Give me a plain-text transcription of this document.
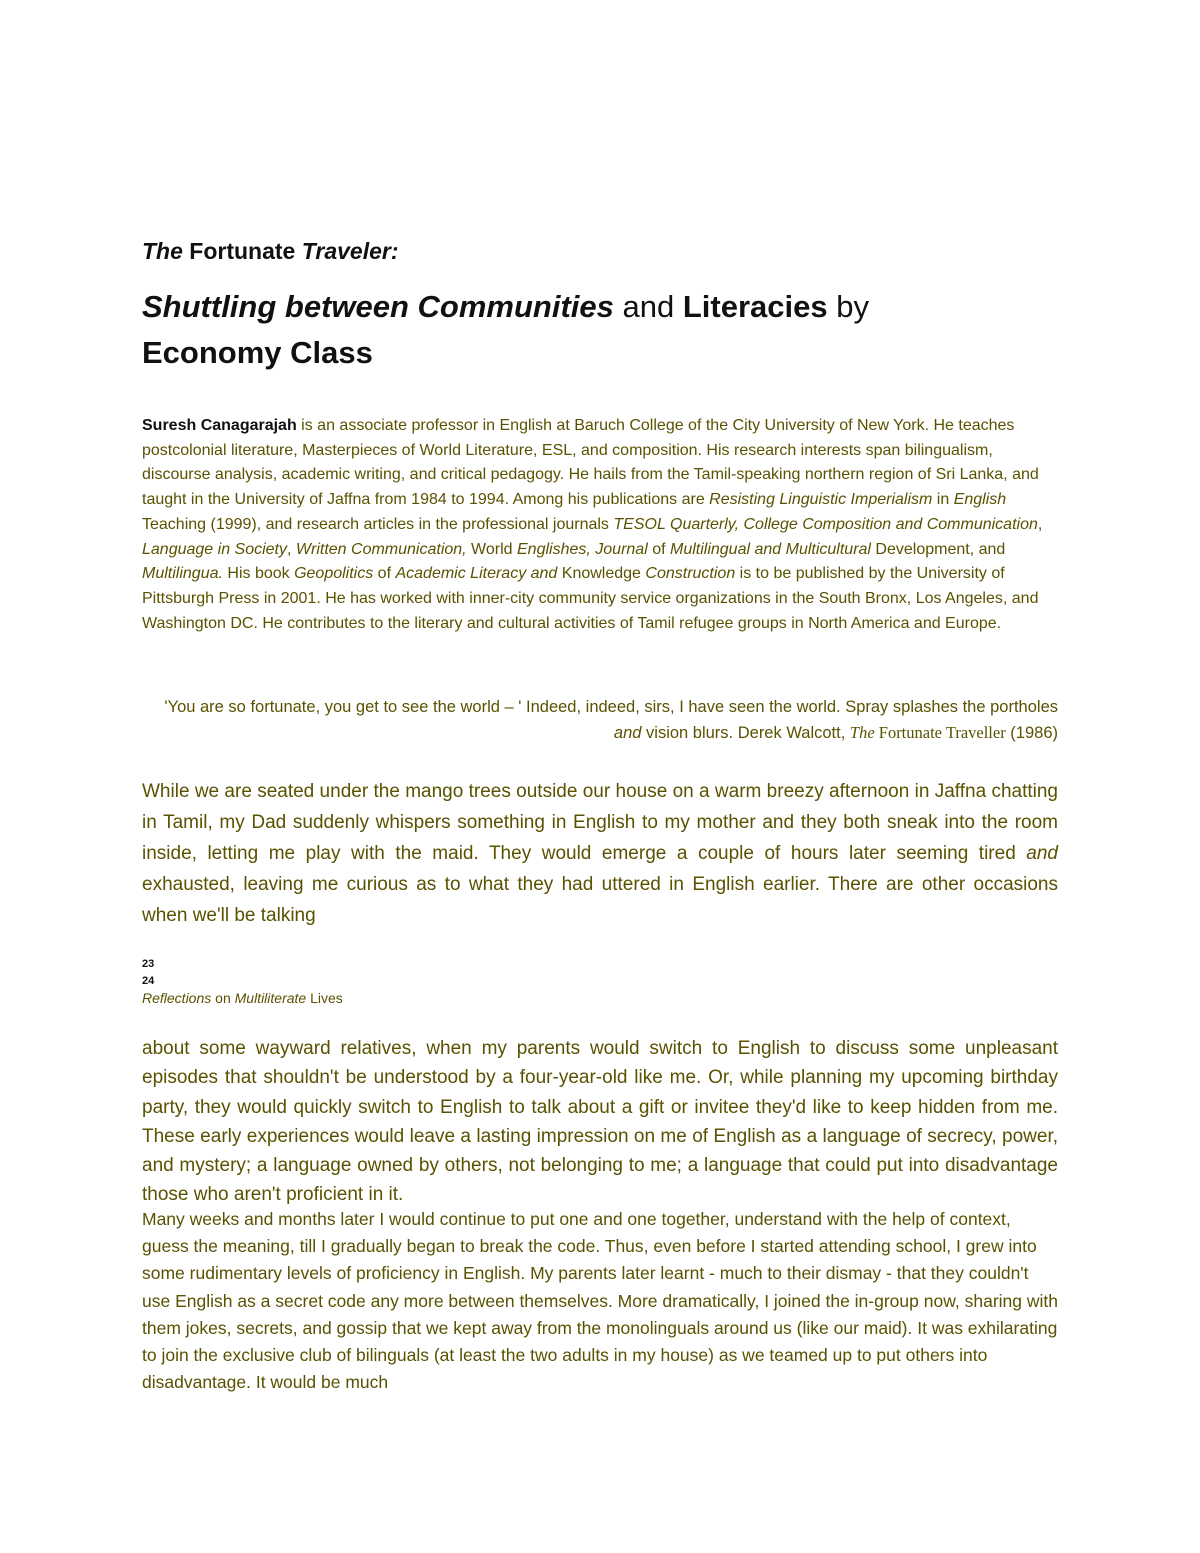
The Fortunate Traveler:
Shuttling between Communities and Literacies by
Economy Class

Suresh Canagarajah is an associate professor in English at Baruch College of the City University of New York. He teaches postcolonial literature, Masterpieces of World Literature, ESL, and composition. His research interests span bilingualism, discourse analysis, academic writing, and critical pedagogy. He hails from the Tamil-speaking northern region of Sri Lanka, and taught in the University of Jaffna from 1984 to 1994. Among his publications are Resisting Linguistic Imperialism in English Teaching (1999), and research articles in the professional journals TESOL Quarterly, College Composition and Communication, Language in Society, Written Communication, World Englishes, Journal of Multilingual and Multicultural Development, and Multilingua. His book Geopolitics of Academic Literacy and Knowledge Construction is to be published by the University of Pittsburgh Press in 2001. He has worked with inner-city community service organizations in the South Bronx, Los Angeles, and Washington DC. He contributes to the literary and cultural activities of Tamil refugee groups in North America and Europe.

'You are so fortunate, you get to see the world – ' Indeed, indeed, sirs, I have seen the world. Spray splashes the portholes and vision blurs. Derek Walcott, The Fortunate Traveller (1986)

While we are seated under the mango trees outside our house on a warm breezy afternoon in Jaffna chatting in Tamil, my Dad suddenly whispers something in English to my mother and they both sneak into the room inside, letting me play with the maid. They would emerge a couple of hours later seeming tired and exhausted, leaving me curious as to what they had uttered in English earlier. There are other occasions when we'll be talking

23
24
Reflections on Multiliterate Lives

about some wayward relatives, when my parents would switch to English to discuss some unpleasant episodes that shouldn't be understood by a four-year-old like me. Or, while planning my upcoming birthday party, they would quickly switch to English to talk about a gift or invitee they'd like to keep hidden from me. These early experiences would leave a lasting impression on me of English as a language of secrecy, power, and mystery; a language owned by others, not belonging to me; a language that could put into disadvantage those who aren't proficient in it.

Many weeks and months later I would continue to put one and one together, understand with the help of context, guess the meaning, till I gradually began to break the code. Thus, even before I started attending school, I grew into some rudimentary levels of proficiency in English. My parents later learnt - much to their dismay - that they couldn't use English as a secret code any more between themselves. More dramatically, I joined the in-group now, sharing with them jokes, secrets, and gossip that we kept away from the monolinguals around us (like our maid). It was exhilarating to join the exclusive club of bilinguals (at least the two adults in my house) as we teamed up to put others into disadvantage. It would be much
